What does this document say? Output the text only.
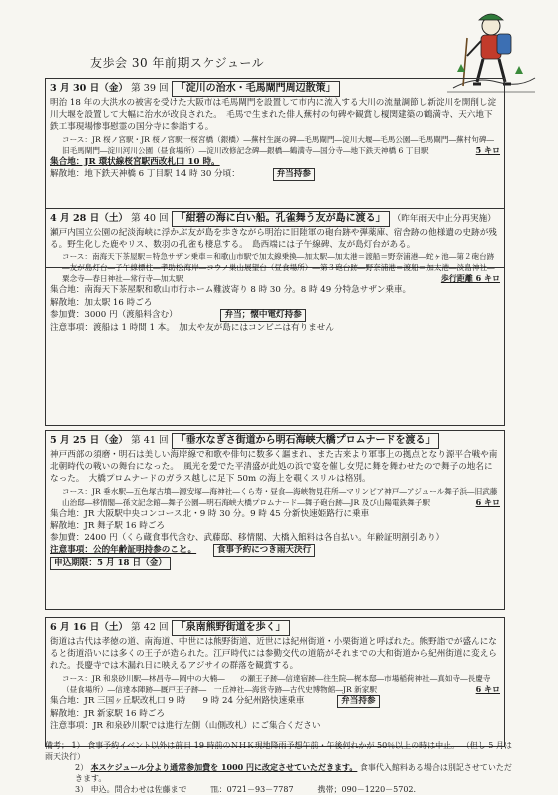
友歩会 30 年前期スケジュール
3 月 30 日（金） 第 39 回 「淀川の治水・毛馬閘門周辺散策」
明治 18 年の大洪水の被害を受けた大阪市は毛馬閘門を設置して市内に流入する大川の流量調節し新淀川を開削し淀川大堰を設置して大幅に治水が改良された。　毛馬で生まれた俳人蕪村の句碑や観賞し榎関建築の鶴満寺、天六地下鉄工事現場惨事慰霊の国分寺に参詣する。
コース：JR 桜ノ宮駅・JR 桜ノ宮駅一桜宮橋（銀橋）―蕪村生誕の碑―毛馬閘門―淀川大堰―毛馬公園―毛馬閘門―蕪村句碑―旧毛馬閘門―淀川河川公園（昼食場所）―淀川改修記念碑―銀橋―鶴満寺―国分寺―地下鉄天神橋 6 丁目駅	5 キロ
集合地：JR 環状線桜宮駅西改札口 10 時。
解散地：地下鉄天神橋 6 丁目駅 14 時 30 分頃：	弁当持参
4 月 28 日（土） 第 40 回 「紺碧の海に白い船。孔雀舞う友が島に渡る」 （昨年雨天中止分再実施）
瀬戸内国立公園の紀淡海峡に浮かぶ友が島を歩きながら明治に旧陸軍の砲台跡や弾薬庫、宿舎跡の他様遺の史跡が残る。野生化した鹿やリス、数羽の孔雀も棲息する。　島西端には子午線碑、友が島灯台がある。
コース：南海天下茶屋駅＝特急サザン乗車＝和歌山市駅で加太線乗換―加太駅―加太港＝渡船＝野奈浦港―蛇ヶ池―第２砲台跡―友が島灯台―子午線標柱―孝助松海岸―コウノ巣山展望台（昼食場所）―第３砲台跡―野奈浦港＝渡船＝加太港―淡島神社―粟念寺―春日神社―常行寺―加太駅	歩行距離 6 キロ
集合地：南海天下茶屋駅和歌山市行ホーム難波寄り 8 時 30 分。8 時 49 分特急サザン乗車。
解散地：加太駅 16 時ごろ
参加費：3000 円（渡船料含む）	弁当；懐中電灯持参
注意事項：渡船は 1 時間 1 本。　加太や友が島にはコンビニは有りません
5 月 25 日（金） 第 41 回 「垂水なぎさ街道から明石海峡大橋プロムナードを渡る」
神戸西部の須磨・明石は美しい海岸線で和歌や俳句に数多く謳まれ、また古来より軍事上の拠点となり源平合戦や南北朝時代の戦いの舞台になった。　風光を愛でた平清盛が此処の浜で宴を催し女児に舞を舞わせたので舞子の地名になった。　大橋プロムナードのガラス越しに足下 50m の海上を覗くスリルは格別。
コース：JR 垂水駅―五色塚古墳―源安塚―海神社―くら寿・昼食―海峡物見荘所―マリンピア神戸―アジュール舞子浜―旧武藤山治邸―移情閣―孫文記念館―舞子公園―明石海峡大橋プロムナード―舞子砲台跡―JR 及び山陽電鉄舞子駅	6 キロ
集合地：JR 大阪駅中央コンコース北・9 時 30 分。9 時 45 分新快速姫路行に乗車
解散地：JR 舞子駅 16 時ごろ
参加費：2400 円（くら蔵食事代含む、武藤邸、移情閣、大橋入館料は各自払い。年齢証明割引あり）
注意事項：公的年齢証明持参のこと。 食事予約につき雨天決行
申込期限：5 月 18 日（金）
6 月 16 日（土） 第 42 回 「泉南熊野街道を歩く」
街道は古代は孝徳の道、南海道、中世には熊野街道、近世には紀州街道・小栗街道と呼ばれた。熊野詣でが盛んになると街道沿いには多くの王子が造られた。江戸時代には参勤交代の道筋がそれまでの大和街道から紀州街道に変えられた。長慶寺では木漏れ日に映えるアジサイの群落を観賞する。
コース：JR 和泉砂川駅―林昌寺―岡中の大楠―　　の瀬王子跡―信達宿跡―往生院―梶本邸―市場稲荷神社―真如寺―長慶寺（昼食場所）―信達本陣跡―厩戸王子跡―　一丘神社―海営寺跡―古代史博物館―JR 新家駅	6 キロ
集合地：JR 三国ヶ丘駅改札口 9 時　　9 時 24 分紀州路快速乗車	弁当持参
解散地：JR 新家駅 16 時ごろ
注意事項：JR 和泉砂川駅では進行左側（山側改札）にご集合ください
備考； 1） 食事予約イベント以外は前日 19 時前のＮＨＫ現地降雨予想午前・午後何れかが 50％以上の時は中止。 （但し 5 月は雨天決行）
2） 本スケジュール分より通常参加費を 1000 円に改定させていただきます。 食事代入館料ある場合は別記させていただきます。
3） 申込。問合わせは佐藤まで　　　℡：0721－93－7787　　　携帯；090－1220－5702.
